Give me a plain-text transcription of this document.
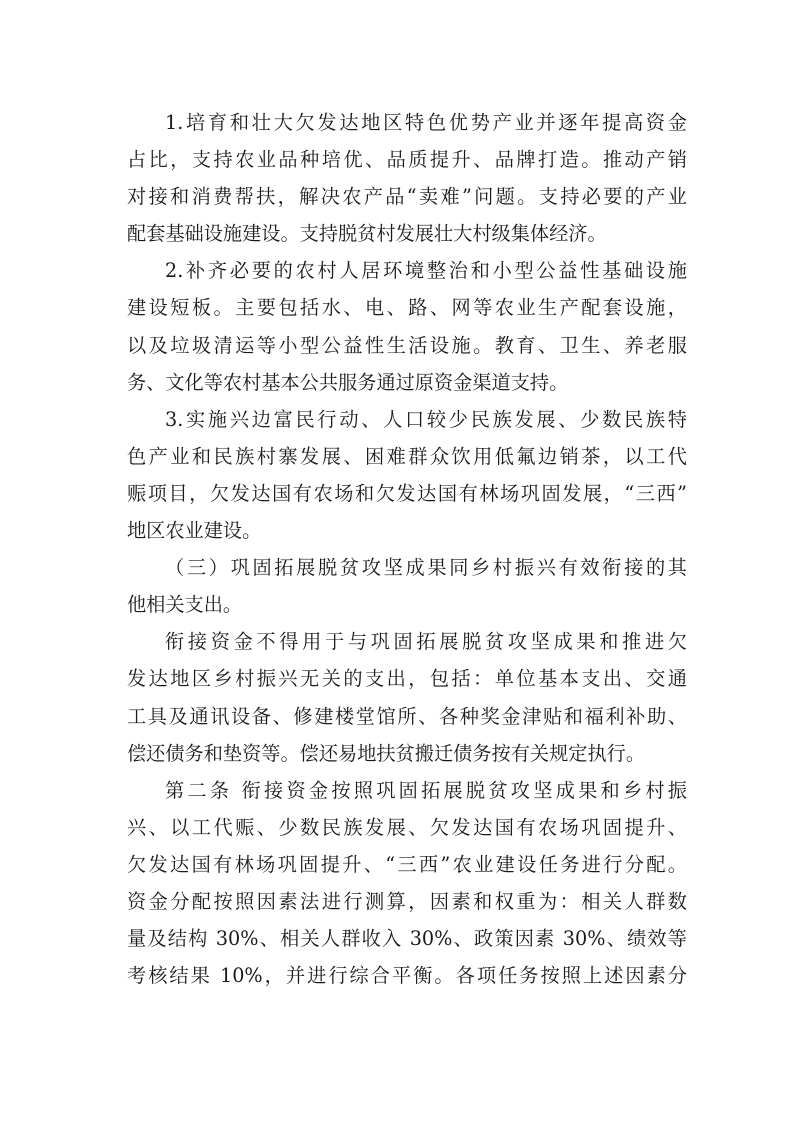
1.培育和壮大欠发达地区特色优势产业并逐年提高资金
占比，支持农业品种培优、品质提升、品牌打造。推动产销
对接和消费帮扶，解决农产品“卖难”问题。支持必要的产业
配套基础设施建设。支持脱贫村发展壮大村级集体经济。
2.补齐必要的农村人居环境整治和小型公益性基础设施
建设短板。主要包括水、电、路、网等农业生产配套设施，
以及垃圾清运等小型公益性生活设施。教育、卫生、养老服
务、文化等农村基本公共服务通过原资金渠道支持。
3.实施兴边富民行动、人口较少民族发展、少数民族特
色产业和民族村寨发展、困难群众饮用低氟边销茶，以工代
赈项目，欠发达国有农场和欠发达国有林场巩固发展，“三西”
地区农业建设。
（三）巩固拓展脱贫攻坚成果同乡村振兴有效衔接的其
他相关支出。
衔接资金不得用于与巩固拓展脱贫攻坚成果和推进欠
发达地区乡村振兴无关的支出，包括：单位基本支出、交通
工具及通讯设备、修建楼堂馆所、各种奖金津贴和福利补助、
偿还债务和垫资等。偿还易地扶贫搬迁债务按有关规定执行。
第二条 衔接资金按照巩固拓展脱贫攻坚成果和乡村振
兴、以工代赈、少数民族发展、欠发达国有农场巩固提升、
欠发达国有林场巩固提升、“三西”农业建设任务进行分配。
资金分配按照因素法进行测算，因素和权重为：相关人群数
量及结构 30%、相关人群收入 30%、政策因素 30%、绩效等
考核结果 10%，并进行综合平衡。各项任务按照上述因素分
